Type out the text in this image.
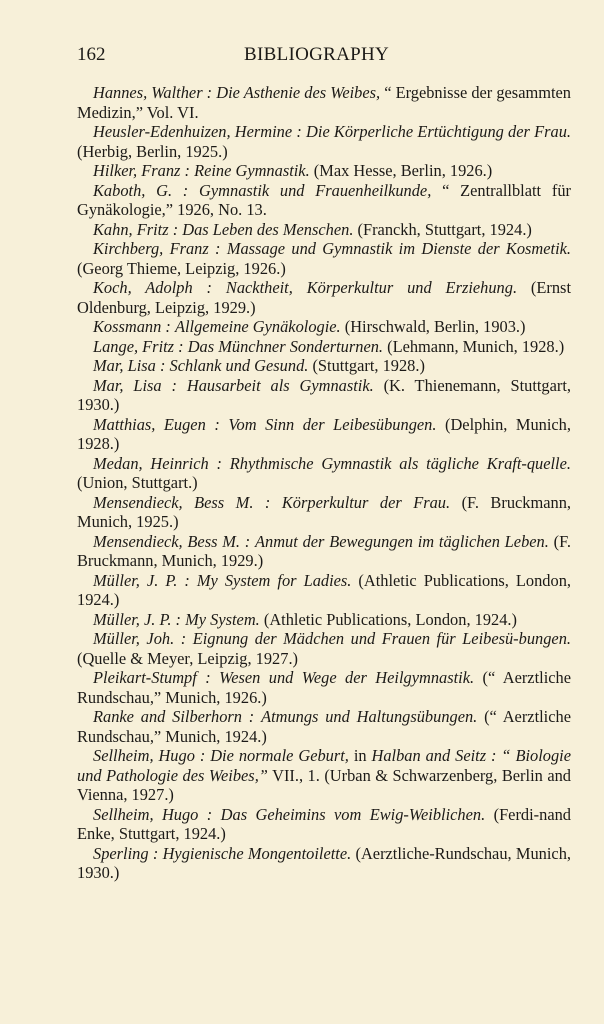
162	BIBLIOGRAPHY

Hannes, Walther : Die Asthenie des Weibes, “ Ergebnisse der gesammten Medizin,” Vol. VI.

Heusler-Edenhuizen, Hermine : Die Körperliche Ertüchtigung der Frau. (Herbig, Berlin, 1925.)

Hilker, Franz : Reine Gymnastik. (Max Hesse, Berlin, 1926.)

Kaboth, G. : Gymnastik und Frauenheilkunde, “ Zentrallblatt für Gynäkologie,” 1926, No. 13.

Kahn, Fritz : Das Leben des Menschen. (Franckh, Stuttgart, 1924.)

Kirchberg, Franz : Massage und Gymnastik im Dienste der Kosmetik. (Georg Thieme, Leipzig, 1926.)

Koch, Adolph : Nacktheit, Körperkultur und Erziehung. (Ernst Oldenburg, Leipzig, 1929.)

Kossmann : Allgemeine Gynäkologie. (Hirschwald, Berlin, 1903.)

Lange, Fritz : Das Münchner Sonderturnen. (Lehmann, Munich, 1928.)

Mar, Lisa : Schlank und Gesund. (Stuttgart, 1928.)

Mar, Lisa : Hausarbeit als Gymnastik. (K. Thienemann, Stuttgart, 1930.)

Matthias, Eugen : Vom Sinn der Leibesübungen. (Delphin, Munich, 1928.)

Medan, Heinrich : Rhythmische Gymnastik als tägliche Kraft-quelle. (Union, Stuttgart.)

Mensendieck, Bess M. : Körperkultur der Frau. (F. Bruckmann, Munich, 1925.)

Mensendieck, Bess M. : Anmut der Bewegungen im täglichen Leben. (F. Bruckmann, Munich, 1929.)

Müller, J. P. : My System for Ladies. (Athletic Publications, London, 1924.)

Müller, J. P. : My System. (Athletic Publications, London, 1924.)

Müller, Joh. : Eignung der Mädchen und Frauen für Leibesü-bungen. (Quelle & Meyer, Leipzig, 1927.)

Pleikart-Stumpf : Wesen und Wege der Heilgymnastik. (“ Aerztliche Rundschau,” Munich, 1926.)

Ranke and Silberhorn : Atmungs und Haltungsübungen. (“ Aerztliche Rundschau,” Munich, 1924.)

Sellheim, Hugo : Die normale Geburt, in Halban and Seitz : “ Biologie und Pathologie des Weibes,” VII., 1. (Urban & Schwarzenberg, Berlin and Vienna, 1927.)

Sellheim, Hugo : Das Geheimins vom Ewig-Weiblichen. (Ferdi-nand Enke, Stuttgart, 1924.)

Sperling : Hygienische Mongentoilette. (Aerztliche-Rundschau, Munich, 1930.)
